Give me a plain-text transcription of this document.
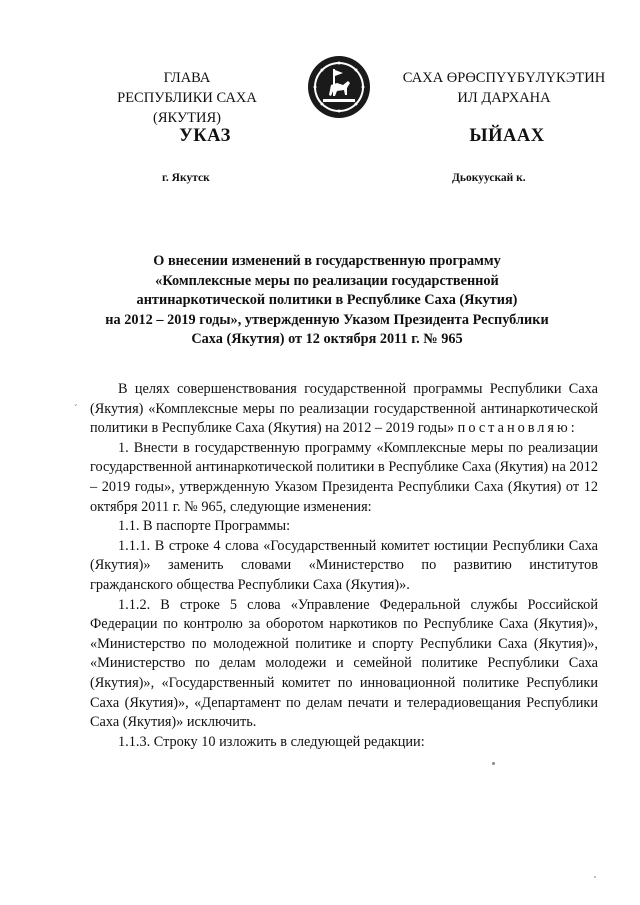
ГЛАВА
РЕСПУБЛИКИ САХА (ЯКУТИЯ)
САХА ӨРӨСПҮҮБҮЛҮКЭТИН
ИЛ ДАРХАНА
УКАЗ	ЫЙААХ
г. Якутск	Дьокуускай к.
О внесении изменений в государственную программу
«Комплексные меры по реализации государственной
антинаркотической политики в Республике Саха (Якутия)
на 2012 – 2019 годы», утвержденную Указом Президента Республики
Саха (Якутия) от 12 октября 2011 г. № 965
ˊ

В целях совершенствования государственной программы Республики Саха (Якутия) «Комплексные меры по реализации государственной антинаркотической политики в Республике Саха (Якутия) на 2012 – 2019 годы» постановляю:

1. Внести в государственную программу «Комплексные меры по реализации государственной антинаркотической политики в Республике Саха (Якутия) на 2012 – 2019 годы», утвержденную Указом Президента Республики Саха (Якутия) от 12 октября 2011 г. № 965, следующие изменения:

1.1. В паспорте Программы:

1.1.1. В строке 4 слова «Государственный комитет юстиции Республики Саха (Якутия)» заменить словами «Министерство по развитию институтов гражданского общества Республики Саха (Якутия)».

1.1.2. В строке 5 слова «Управление Федеральной службы Российской Федерации по контролю за оборотом наркотиков по Республике Саха (Якутия)», «Министерство по молодежной политике и спорту Республики Саха (Якутия)», «Министерство по делам молодежи и семейной политике Республики Саха (Якутия)», «Государственный комитет по инновационной политике Республики Саха (Якутия)», «Департамент по делам печати и телерадиовещания Республики Саха (Якутия)» исключить.

1.1.3. Строку 10 изложить в следующей редакции:
